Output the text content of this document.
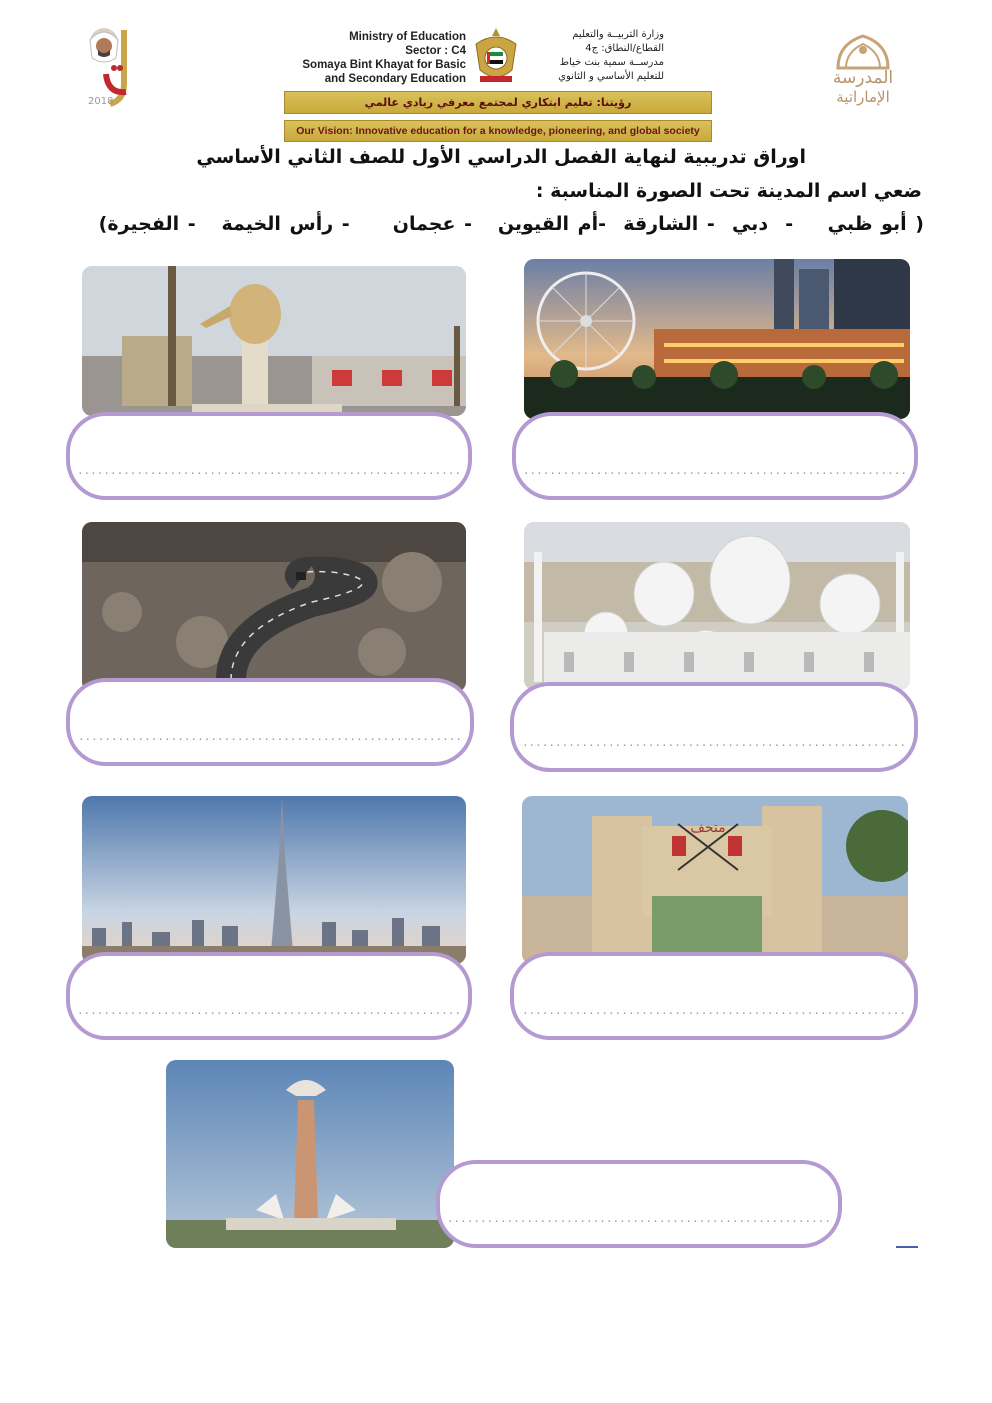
2018
Ministry of Education
Sector : C4
Somaya Bint Khayat for Basic
and Secondary Education
وزارة التربيــة والتعليم
القطاع/النطاق: ج4
مدرســة سمية بنت خياط
للتعليم الأساسي و الثانوي	المدرسة
الإماراتية
رؤيتنا: تعليم ابتكاري لمجتمع معرفي ريادي عالمي
Our Vision: Innovative education for a knowledge, pioneering, and global society
اوراق تدريبية لنهاية الفصل الدراسي الأول للصف الثاني الأساسي
ضعي اسم المدينة تحت الصورة المناسبة :
( أبو ظبي    -  دبي  - الشارقة  -أم القيوين   - عجمان     - رأس الخيمة   - الفجيرة)
..........................................................
..........................................................
..........................................................
..........................................................
متحف
..........................................................
..........................................................
..........................................................
